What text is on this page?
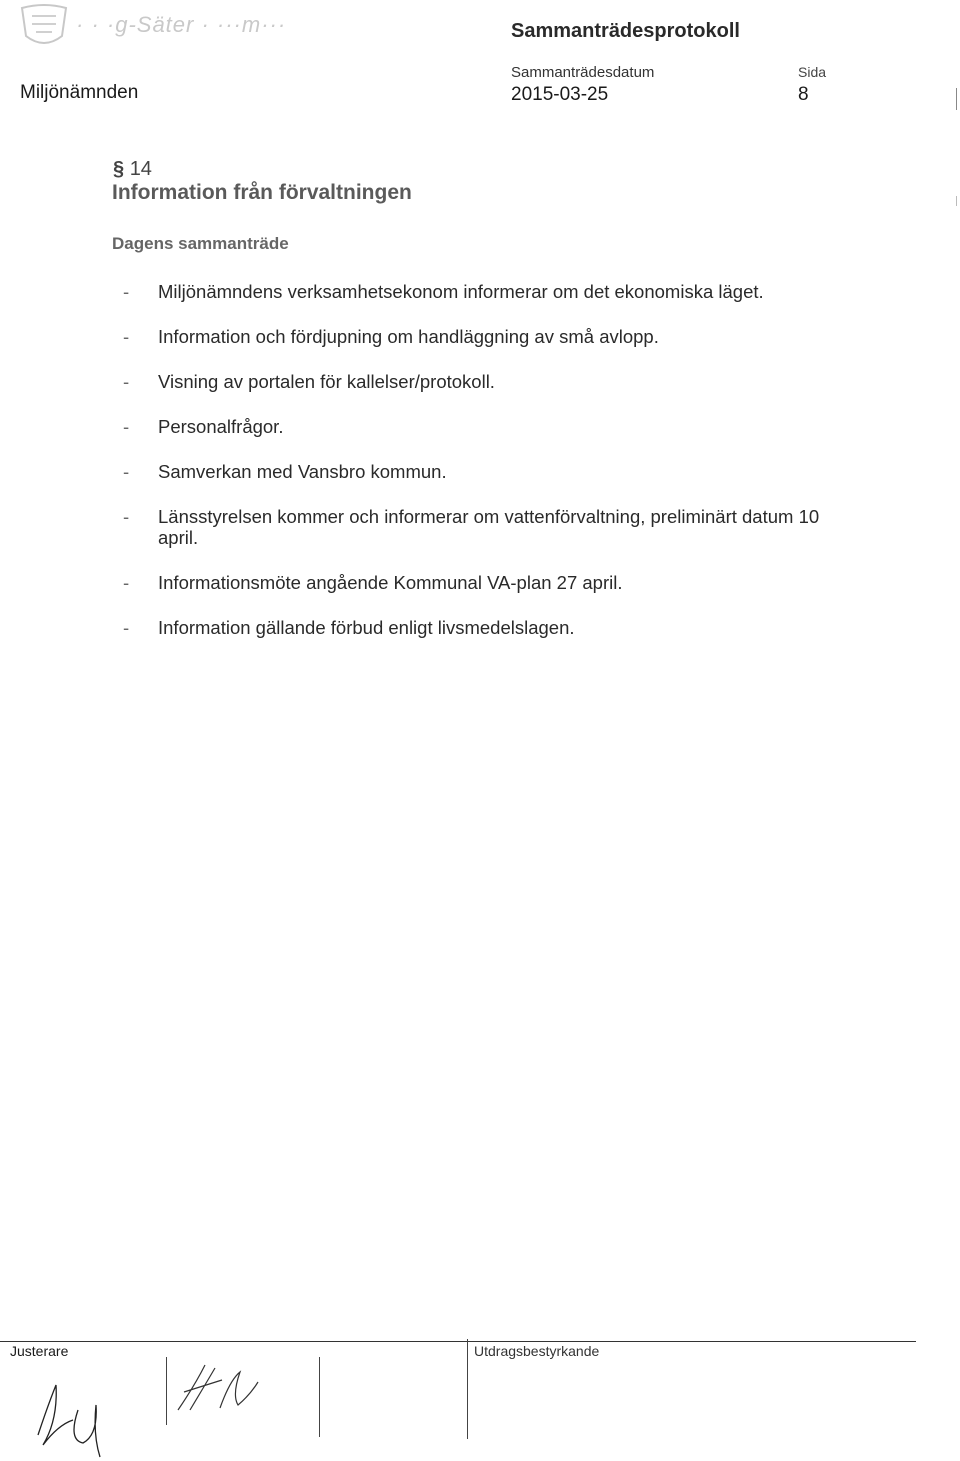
· · ·g-Säter · ···m···	Sammanträdesprotokoll
Miljönämnden
Sammanträdesdatum
2015-03-25
Sida
8
§ 14
Information från förvaltningen
Dagens sammanträde
- Miljönämndens verksamhetsekonom informerar om det ekonomiska läget.
- Information och fördjupning om handläggning av små avlopp.
- Visning av portalen för kallelser/protokoll.
- Personalfrågor.
- Samverkan med Vansbro kommun.
- Länsstyrelsen kommer och informerar om vattenförvaltning, preliminärt datum 10 april.
- Informationsmöte angående Kommunal VA-plan 27 april.
- Information gällande förbud enligt livsmedelslagen.
Justerare	Utdragsbestyrkande
